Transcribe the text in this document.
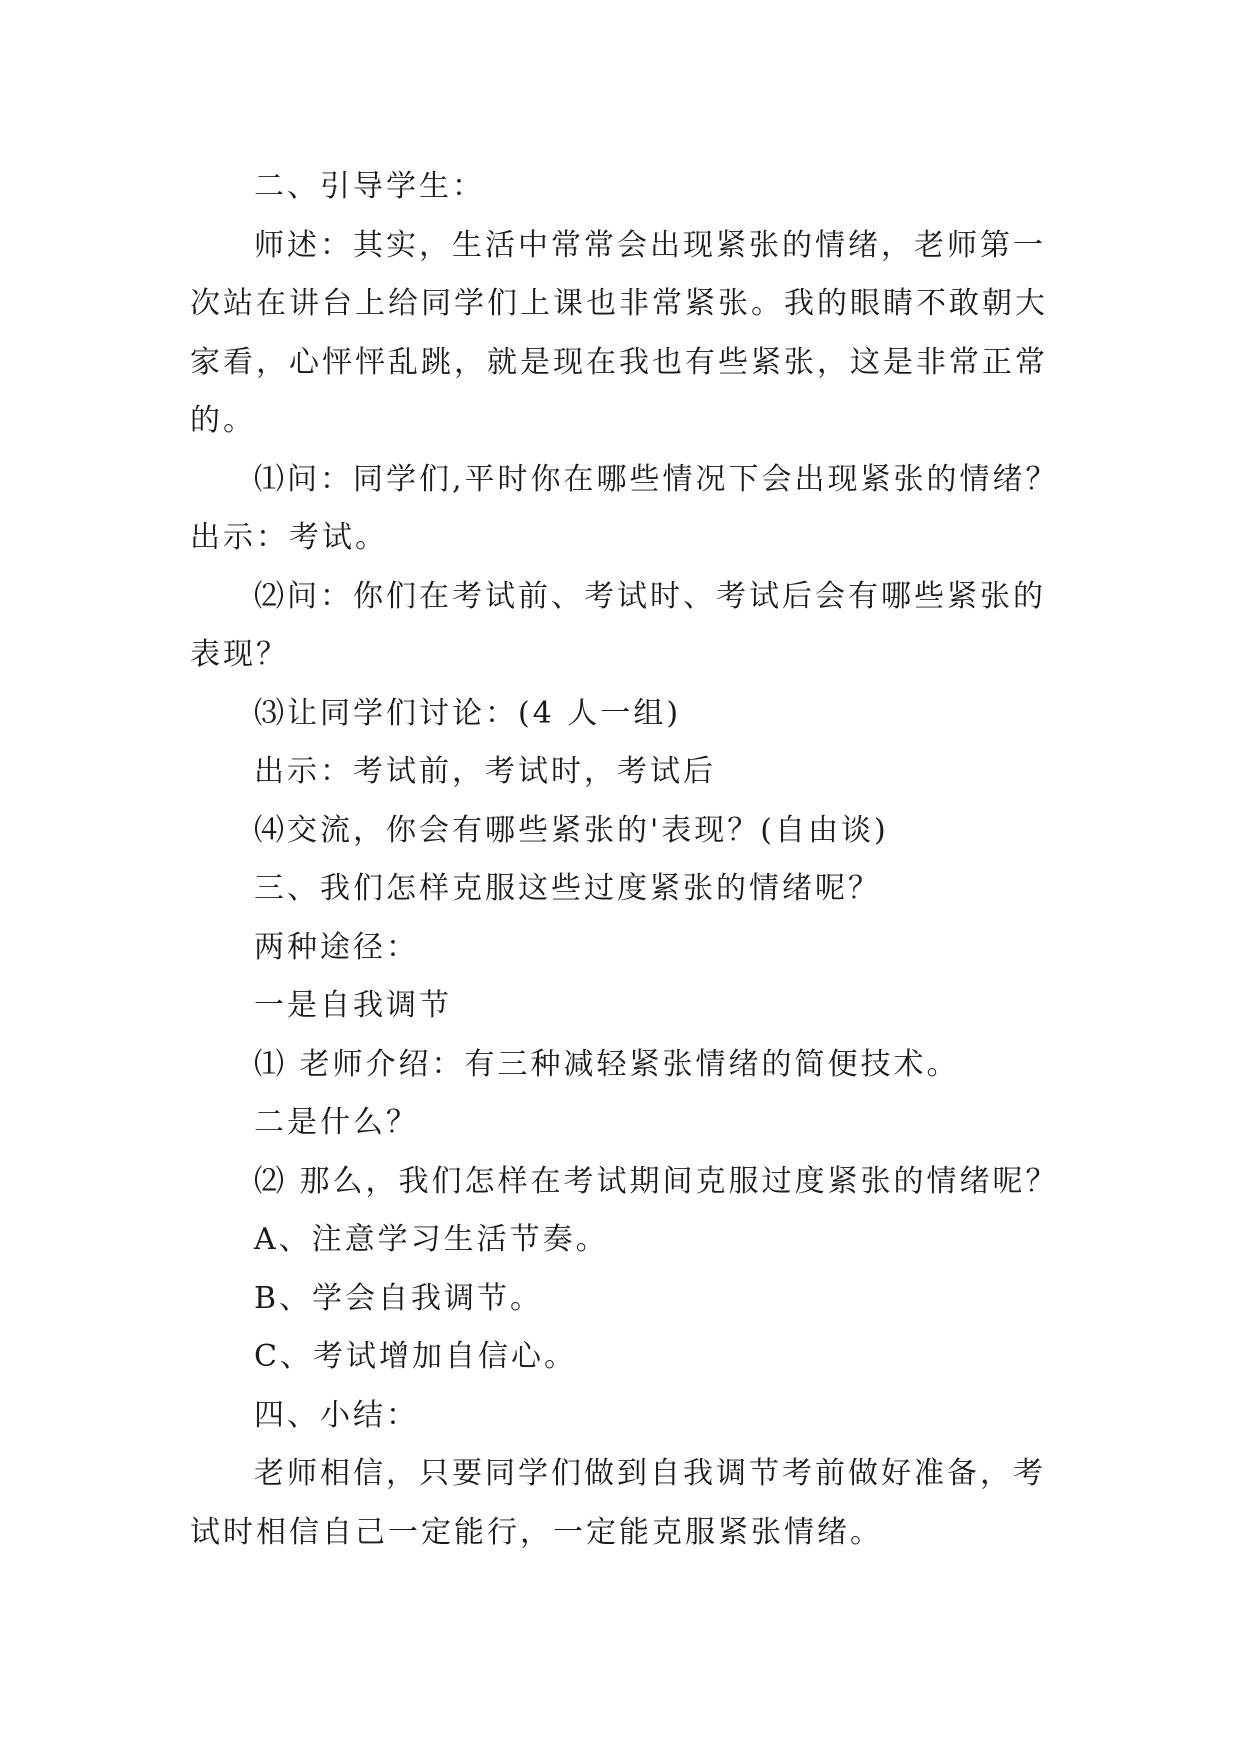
二、引导学生：
师述：其实，生活中常常会出现紧张的情绪，老师第一
次站在讲台上给同学们上课也非常紧张。我的眼睛不敢朝大
家看，心怦怦乱跳，就是现在我也有些紧张，这是非常正常
的。
⑴问：同学们,平时你在哪些情况下会出现紧张的情绪？
出示：考试。
⑵问：你们在考试前、考试时、考试后会有哪些紧张的
表现？
⑶让同学们讨论：(4 人一组)
出示：考试前，考试时，考试后
⑷交流，你会有哪些紧张的'表现？(自由谈)
三、我们怎样克服这些过度紧张的情绪呢？
两种途径：
一是自我调节
⑴ 老师介绍：有三种减轻紧张情绪的简便技术。
二是什么？
⑵ 那么，我们怎样在考试期间克服过度紧张的情绪呢？
A、注意学习生活节奏。
B、学会自我调节。
C、考试增加自信心。
四、小结：
老师相信，只要同学们做到自我调节考前做好准备，考
试时相信自己一定能行，一定能克服紧张情绪。
